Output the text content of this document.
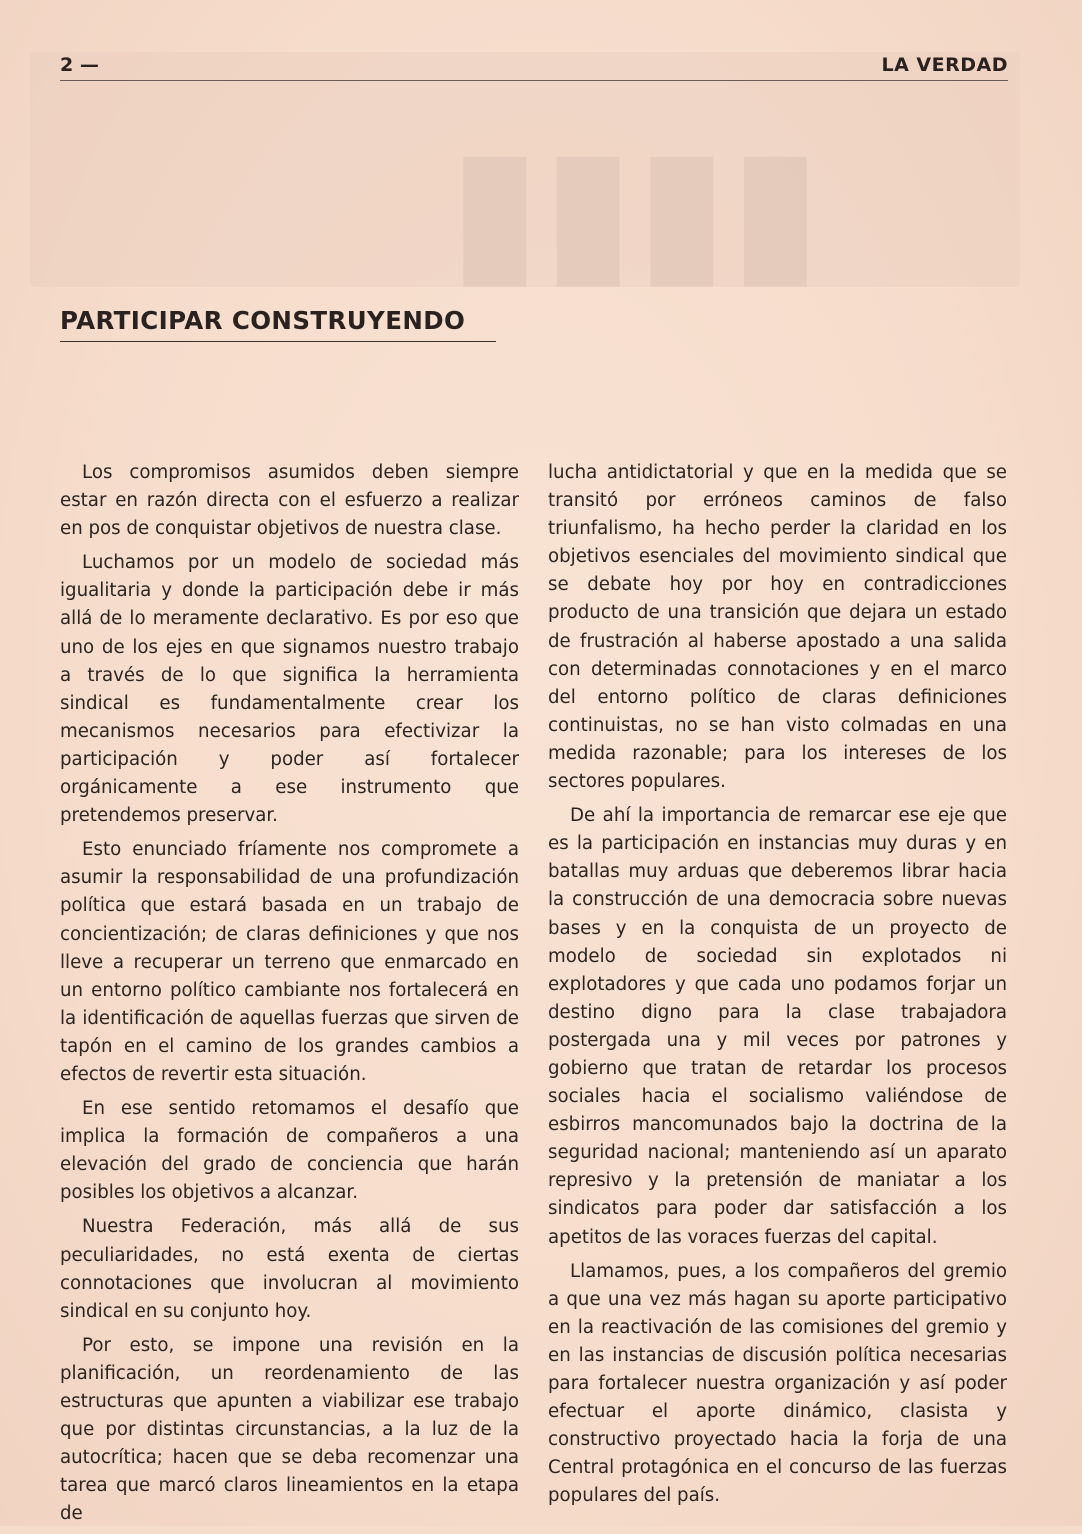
▮▮▮▮
2 —	LA VERDAD
PARTICIPAR CONSTRUYENDO

Los compromisos asumidos deben siempre estar en razón directa con el esfuerzo a realizar en pos de conquistar objetivos de nuestra clase.

Luchamos por un modelo de sociedad más igualitaria y donde la participación debe ir más allá de lo meramente declarativo. Es por eso que uno de los ejes en que signamos nuestro trabajo a través de lo que significa la herramienta sindical es fundamentalmente crear los mecanismos necesarios para efectivizar la participación y poder así fortalecer orgánicamente a ese instrumento que pretendemos preservar.

Esto enunciado fríamente nos compromete a asumir la responsabilidad de una profundización política que estará basada en un trabajo de concientización; de claras definiciones y que nos lleve a recuperar un terreno que enmarcado en un entorno político cambiante nos fortalecerá en la identificación de aquellas fuerzas que sirven de tapón en el camino de los grandes cambios a efectos de revertir esta situación.

En ese sentido retomamos el desafío que implica la formación de compañeros a una elevación del grado de conciencia que harán posibles los objetivos a alcanzar.

Nuestra Federación, más allá de sus peculiaridades, no está exenta de ciertas connotaciones que involucran al movimiento sindical en su conjunto hoy.

Por esto, se impone una revisión en la planificación, un reordenamiento de las estructuras que apunten a viabilizar ese trabajo que por distintas circunstancias, a la luz de la autocrítica; hacen que se deba recomenzar una tarea que marcó claros lineamientos en la etapa de

lucha antidictatorial y que en la medida que se transitó por erróneos caminos de falso triunfalismo, ha hecho perder la claridad en los objetivos esenciales del movimiento sindical que se debate hoy por hoy en contradicciones producto de una transición que dejara un estado de frustración al haberse apostado a una salida con determinadas connotaciones y en el marco del entorno político de claras definiciones continuistas, no se han visto colmadas en una medida razonable; para los intereses de los sectores populares.

De ahí la importancia de remarcar ese eje que es la participación en instancias muy duras y en batallas muy arduas que deberemos librar hacia la construcción de una democracia sobre nuevas bases y en la conquista de un proyecto de modelo de sociedad sin explotados ni explotadores y que cada uno podamos forjar un destino digno para la clase trabajadora postergada una y mil veces por patrones y gobierno que tratan de retardar los procesos sociales hacia el socialismo valiéndose de esbirros mancomunados bajo la doctrina de la seguridad nacional; manteniendo así un aparato represivo y la pretensión de maniatar a los sindicatos para poder dar satisfacción a los apetitos de las voraces fuerzas del capital.

Llamamos, pues, a los compañeros del gremio a que una vez más hagan su aporte participativo en la reactivación de las comisiones del gremio y en las instancias de discusión política necesarias para fortalecer nuestra organización y así poder efectuar el aporte dinámico, clasista y constructivo proyectado hacia la forja de una Central protagónica en el concurso de las fuerzas populares del país.
